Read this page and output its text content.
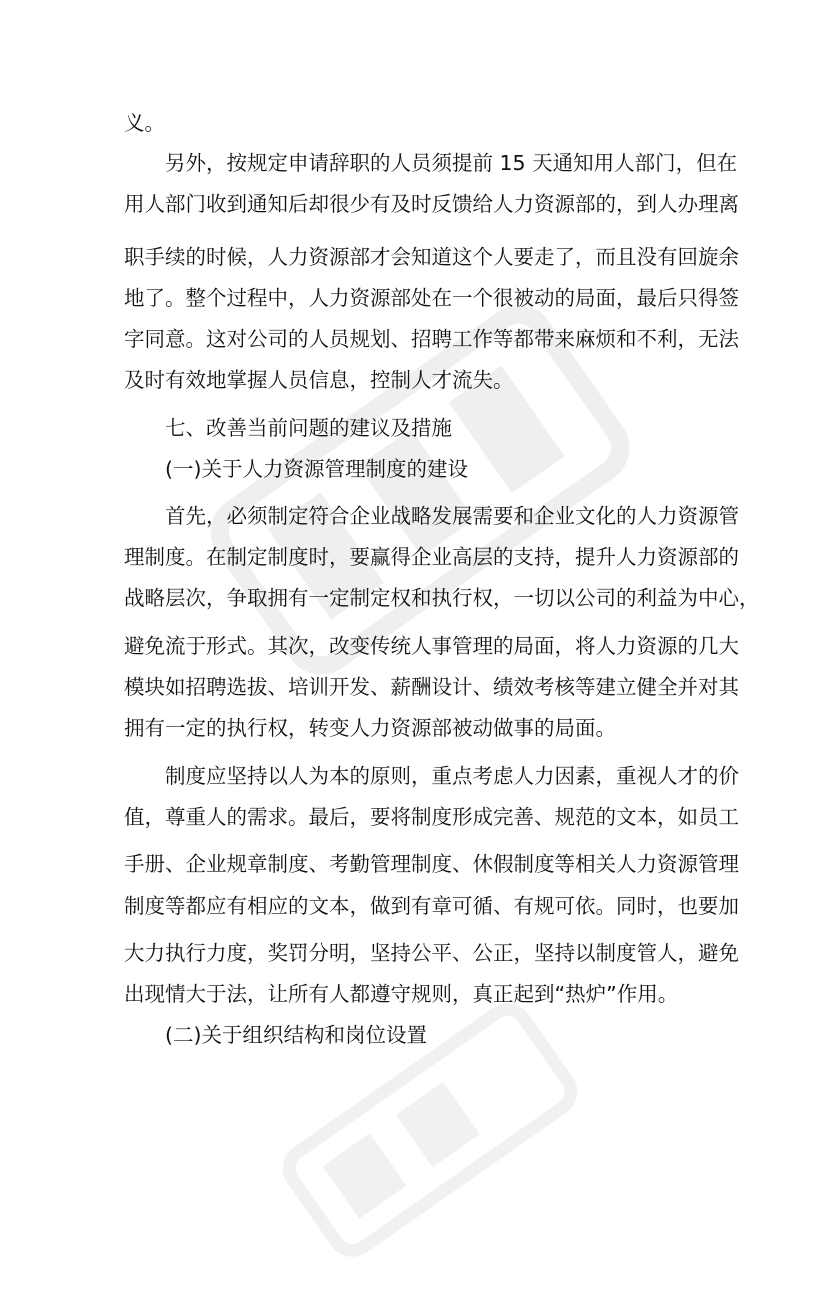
义。
另外，按规定申请辞职的人员须提前 15 天通知用人部门，但在
用人部门收到通知后却很少有及时反馈给人力资源部的，到人办理离
职手续的时候，人力资源部才会知道这个人要走了，而且没有回旋余
地了。整个过程中，人力资源部处在一个很被动的局面，最后只得签
字同意。这对公司的人员规划、招聘工作等都带来麻烦和不利，无法
及时有效地掌握人员信息，控制人才流失。
七、改善当前问题的建议及措施
(一)关于人力资源管理制度的建设
首先，必须制定符合企业战略发展需要和企业文化的人力资源管
理制度。在制定制度时，要赢得企业高层的支持，提升人力资源部的
战略层次，争取拥有一定制定权和执行权，一切以公司的利益为中心，
避免流于形式。其次，改变传统人事管理的局面，将人力资源的几大
模块如招聘选拔、培训开发、薪酬设计、绩效考核等建立健全并对其
拥有一定的执行权，转变人力资源部被动做事的局面。
制度应坚持以人为本的原则，重点考虑人力因素，重视人才的价
值，尊重人的需求。最后，要将制度形成完善、规范的文本，如员工
手册、企业规章制度、考勤管理制度、休假制度等相关人力资源管理
制度等都应有相应的文本，做到有章可循、有规可依。同时，也要加
大力执行力度，奖罚分明，坚持公平、公正，坚持以制度管人，避免
出现情大于法，让所有人都遵守规则，真正起到“热炉”作用。
(二)关于组织结构和岗位设置
